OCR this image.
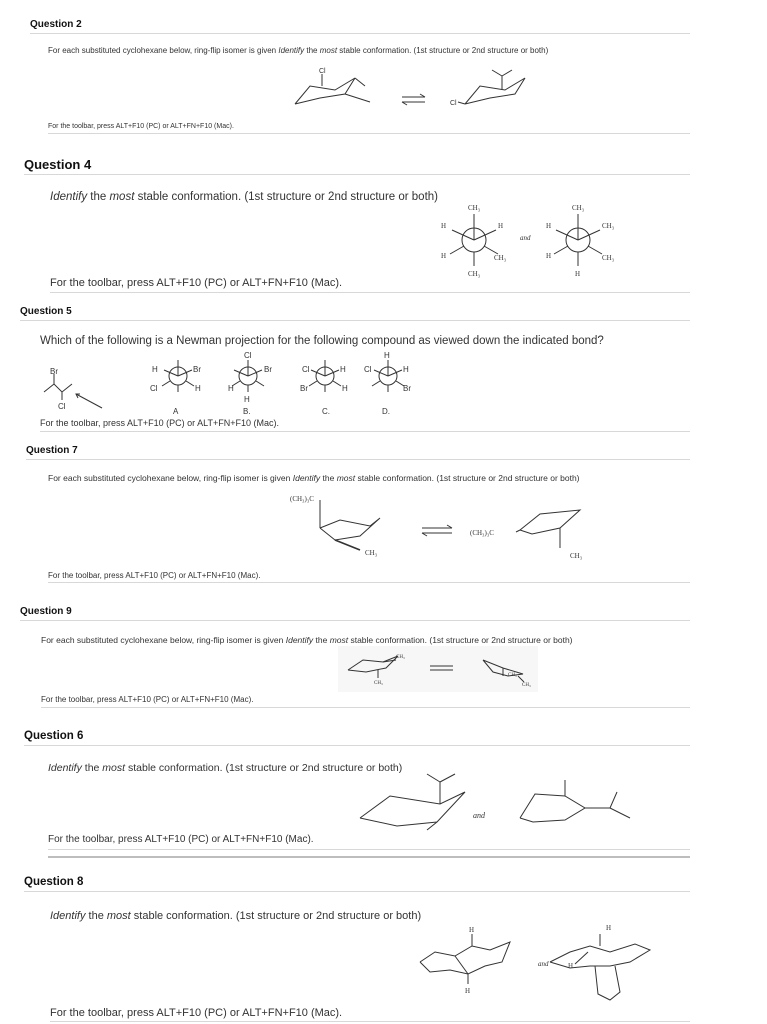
Question 2
For each substituted cyclohexane below, ring-flip isomer is given Identify the most stable conformation. (1st structure or 2nd structure or both)
Cl
Cl
For the toolbar, press ALT+F10 (PC) or ALT+FN+F10 (Mac).
Question 4
Identify the most stable conformation. (1st structure or 2nd structure or both)
CH₃
H	H
H	CH₃
CH₃
and
CH₃
H	CH₃
H	CH₃
H
For the toolbar, press ALT+F10 (PC) or ALT+FN+F10 (Mac).
Question 5
Which of the following is a Newman projection for the following compound as viewed down the indicated bond?
Br
Cl
H	Br
Cl	H
A
Cl
Br
H
H
B.
Cl	H
Br	H
C.
H
Cl	H
Br
D.
For the toolbar, press ALT+F10 (PC) or ALT+FN+F10 (Mac).
Question 7
For each substituted cyclohexane below, ring-flip isomer is given Identify the most stable conformation. (1st structure or 2nd structure or both)
(CH₃)₃C
CH₃
(CH₃)₃C
CH₃
For the toolbar, press ALT+F10 (PC) or ALT+FN+F10 (Mac).
Question 9
For each substituted cyclohexane below, ring-flip isomer is given Identify the most stable conformation. (1st structure or 2nd structure or both)
CH₃
CH₃
CH₃
CH₃
For the toolbar, press ALT+F10 (PC) or ALT+FN+F10 (Mac).
Question 6
Identify the most stable conformation. (1st structure or 2nd structure or both)
and
For the toolbar, press ALT+F10 (PC) or ALT+FN+F10 (Mac).
Question 8
Identify the most stable conformation. (1st structure or 2nd structure or both)
H
H
and
H
H
For the toolbar, press ALT+F10 (PC) or ALT+FN+F10 (Mac).
